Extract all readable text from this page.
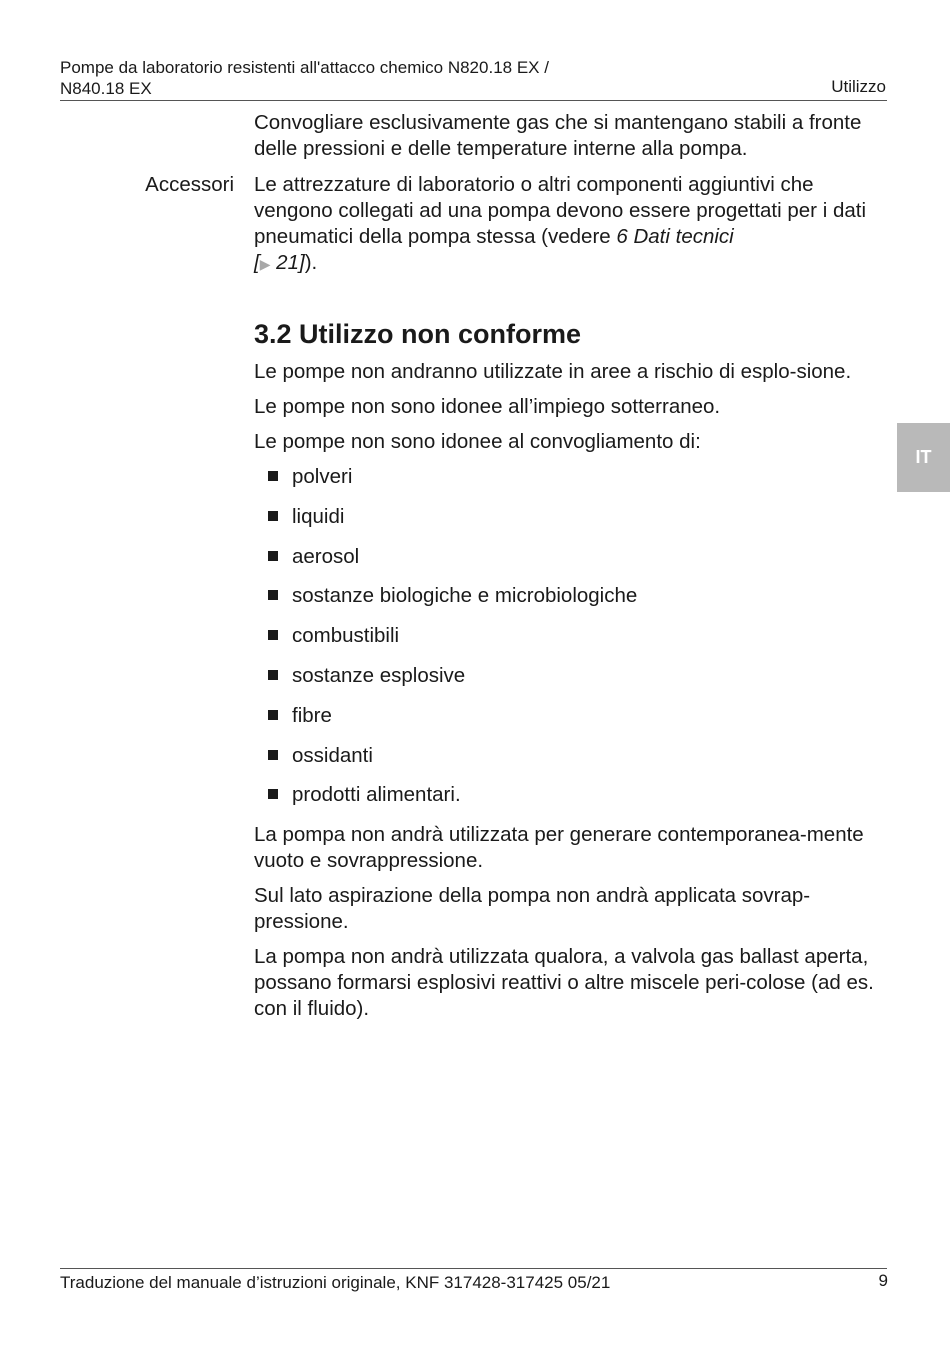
Pompe da laboratorio resistenti all'attacco chemico N820.18 EX /
N840.18 EX	Utilizzo

Convogliare esclusivamente gas che si mantengano stabili a fronte delle pressioni e delle temperature interne alla pompa.

Accessori Le attrezzature di laboratorio o altri componenti aggiuntivi che vengono collegati ad una pompa devono essere progettati per i dati pneumatici della pompa stessa (vedere 6 Dati tecnici
[▶ 21]).

3.2 Utilizzo non conforme

Le pompe non andranno utilizzate in aree a rischio di esplo-sione.

Le pompe non sono idonee all’impiego sotterraneo.

Le pompe non sono idonee al convogliamento di:

polveri
liquidi
aerosol
sostanze biologiche e microbiologiche
combustibili
sostanze esplosive
fibre
ossidanti
prodotti alimentari.

La pompa non andrà utilizzata per generare contemporanea-mente vuoto e sovrappressione.

Sul lato aspirazione della pompa non andrà applicata sovrap-pressione.

La pompa non andrà utilizzata qualora, a valvola gas ballast aperta, possano formarsi esplosivi reattivi o altre miscele peri-colose (ad es. con il fluido).

IT
Traduzione del manuale d’istruzioni originale, KNF 317428-317425 05/21	9
